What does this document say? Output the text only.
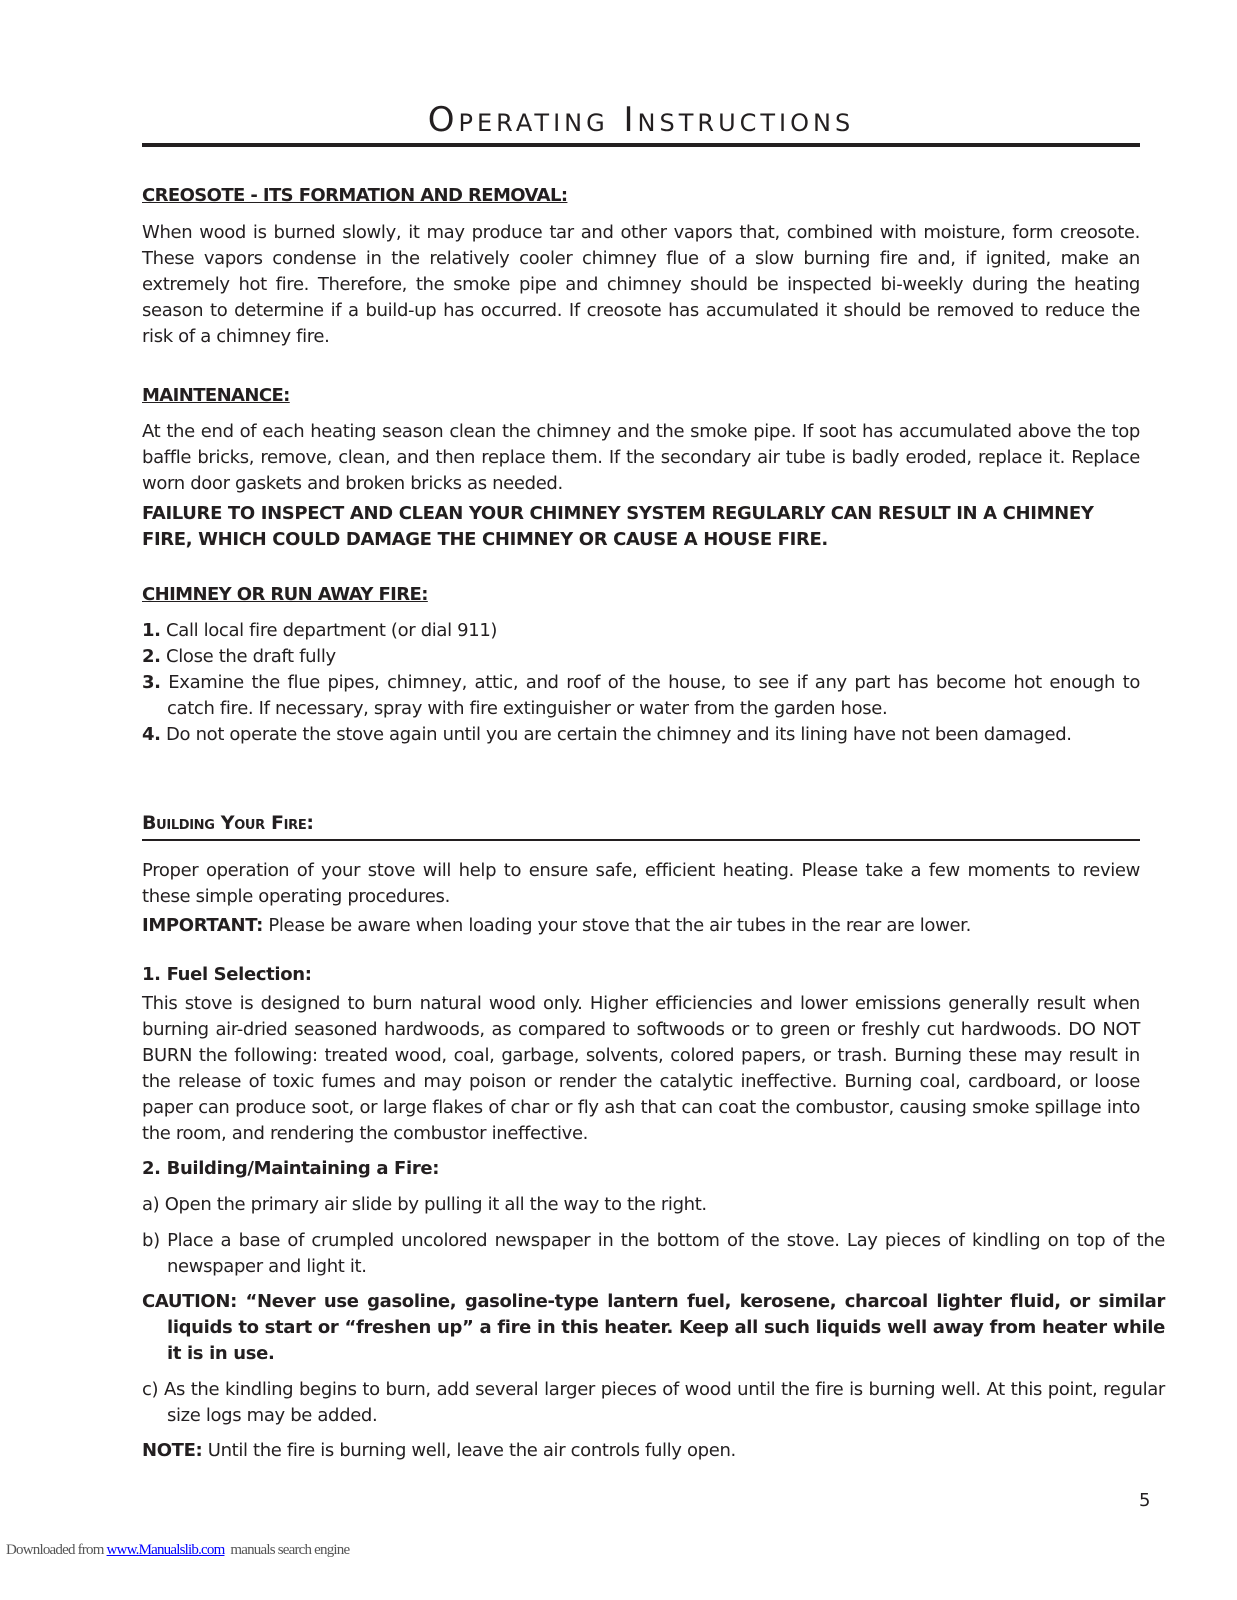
Operating Instructions
CREOSOTE - ITS FORMATION AND REMOVAL:

When wood is burned slowly, it may produce tar and other vapors that, combined with moisture, form creosote. These vapors condense in the relatively cooler chimney flue of a slow burning fire and, if ignited, make an extremely hot fire. Therefore, the smoke pipe and chimney should be inspected bi-weekly during the heating season to determine if a build-up has occurred. If creosote has accumulated it should be removed to reduce the risk of a chimney fire.

MAINTENANCE:

At the end of each heating season clean the chimney and the smoke pipe. If soot has accumulated above the top baffle bricks, remove, clean, and then replace them. If the secondary air tube is badly eroded, replace it. Replace worn door gaskets and broken bricks as needed.

FAILURE TO INSPECT AND CLEAN YOUR CHIMNEY SYSTEM REGULARLY CAN RESULT IN A CHIMNEY FIRE, WHICH COULD DAMAGE THE CHIMNEY OR CAUSE A HOUSE FIRE.

CHIMNEY OR RUN AWAY FIRE:

1. Call local fire department (or dial 911)

2. Close the draft fully

3. Examine the flue pipes, chimney, attic, and roof of the house, to see if any part has become hot enough to catch fire. If necessary, spray with fire extinguisher or water from the garden hose.

4. Do not operate the stove again until you are certain the chimney and its lining have not been damaged.

Building Your Fire:

Proper operation of your stove will help to ensure safe, efficient heating. Please take a few moments to review these simple operating procedures.

IMPORTANT: Please be aware when loading your stove that the air tubes in the rear are lower.

1. Fuel Selection:

This stove is designed to burn natural wood only. Higher efficiencies and lower emissions generally result when burning air-dried seasoned hardwoods, as compared to softwoods or to green or freshly cut hardwoods. DO NOT BURN the following: treated wood, coal, garbage, solvents, colored papers, or trash. Burning these may result in the release of toxic fumes and may poison or render the catalytic ineffective. Burning coal, cardboard, or loose paper can produce soot, or large flakes of char or fly ash that can coat the combustor, causing smoke spillage into the room, and rendering the combustor ineffective.

2. Building/Maintaining a Fire:

a) Open the primary air slide by pulling it all the way to the right.

b) Place a base of crumpled uncolored newspaper in the bottom of the stove. Lay pieces of kindling on top of the newspaper and light it.

CAUTION: “Never use gasoline, gasoline-type lantern fuel, kerosene, charcoal lighter fluid, or similar liquids to start or “freshen up” a fire in this heater. Keep all such liquids well away from heater while it is in use.

c) As the kindling begins to burn, add several larger pieces of wood until the fire is burning well. At this point, regular size logs may be added.

NOTE: Until the fire is burning well, leave the air controls fully open.

5
Downloaded from www.Manualslib.com  manuals search engine
